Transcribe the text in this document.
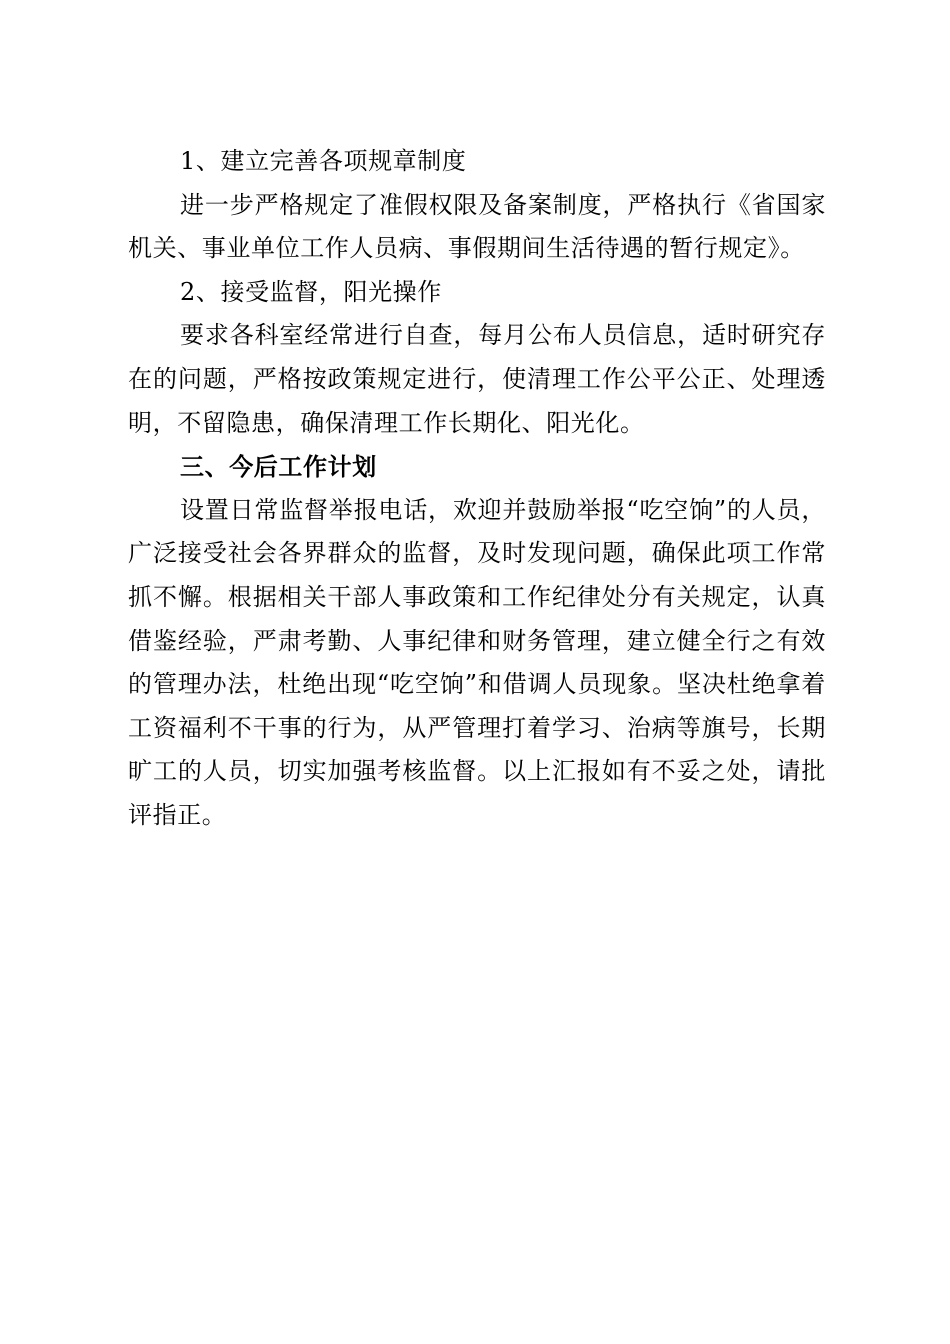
1、建立完善各项规章制度

进一步严格规定了准假权限及备案制度，严格执行《省国家机关、事业单位工作人员病、事假期间生活待遇的暂行规定》。

2、接受监督，阳光操作

要求各科室经常进行自查，每月公布人员信息，适时研究存在的问题，严格按政策规定进行，使清理工作公平公正、处理透明，不留隐患，确保清理工作长期化、阳光化。

三、今后工作计划

设置日常监督举报电话，欢迎并鼓励举报“吃空饷”的人员，广泛接受社会各界群众的监督，及时发现问题，确保此项工作常抓不懈。根据相关干部人事政策和工作纪律处分有关规定，认真借鉴经验，严肃考勤、人事纪律和财务管理，建立健全行之有效的管理办法，杜绝出现“吃空饷”和借调人员现象。坚决杜绝拿着工资福利不干事的行为，从严管理打着学习、治病等旗号，长期旷工的人员，切实加强考核监督。以上汇报如有不妥之处，请批评指正。
